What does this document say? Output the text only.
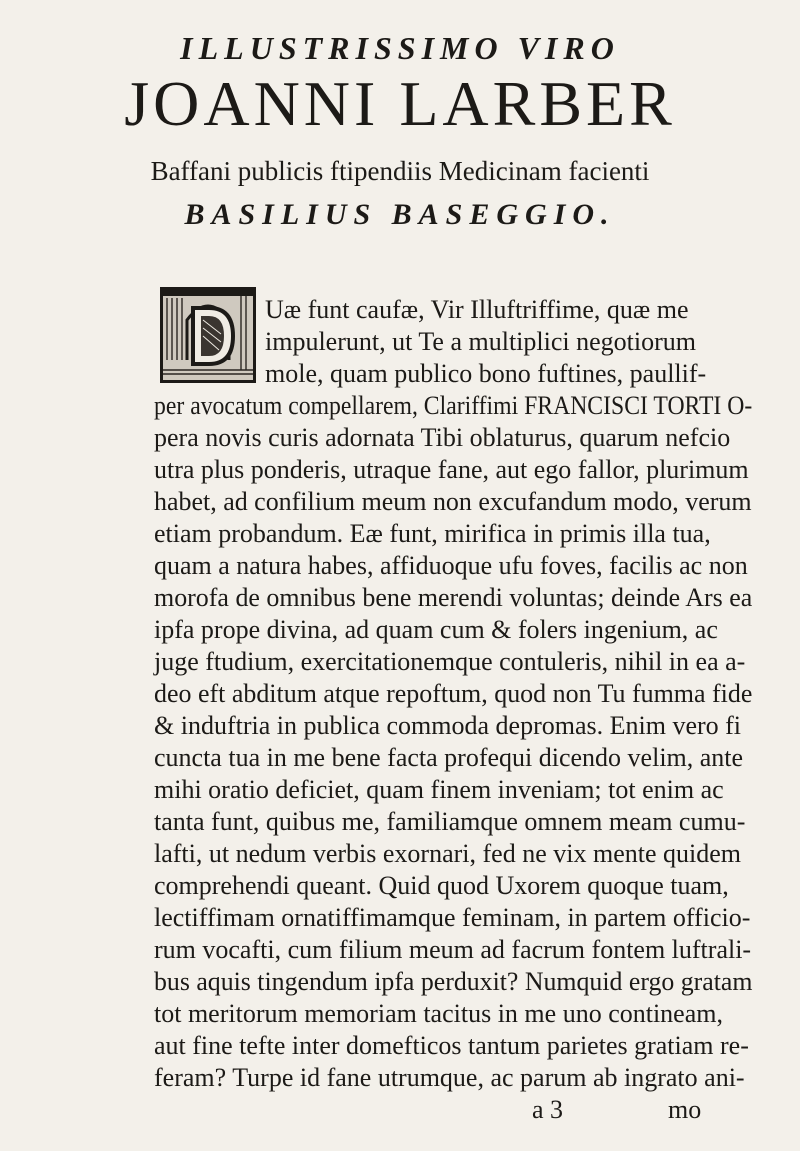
ILLUSTRISSIMO VIRO
JOANNI LARBER
Baffani publicis ftipendiis Medicinam facienti
BASILIUS BASEGGIO.
Uæ funt caufæ, Vir Illuftriffime, quæ me
impulerunt, ut Te a multiplici negotiorum
mole, quam publico bono fuftines, paullif-
per avocatum compellarem, Clariffimi FRANCISCI TORTI O-
pera novis curis adornata Tibi oblaturus, quarum nefcio
utra plus ponderis, utraque fane, aut ego fallor, plurimum
habet, ad confilium meum non excufandum modo, verum
etiam probandum. Eæ funt, mirifica in primis illa tua,
quam a natura habes, affiduoque ufu foves, facilis ac non
morofa de omnibus bene merendi voluntas; deinde Ars ea
ipfa prope divina, ad quam cum & folers ingenium, ac
juge ftudium, exercitationemque contuleris, nihil in ea a-
deo eft abditum atque repoftum, quod non Tu fumma fide
& induftria in publica commoda depromas. Enim vero fi
cuncta tua in me bene facta profequi dicendo velim, ante
mihi oratio deficiet, quam finem inveniam; tot enim ac
tanta funt, quibus me, familiamque omnem meam cumu-
lafti, ut nedum verbis exornari, fed ne vix mente quidem
comprehendi queant. Quid quod Uxorem quoque tuam,
lectiffimam ornatiffimamque feminam, in partem officio-
rum vocafti, cum filium meum ad facrum fontem luftrali-
bus aquis tingendum ipfa perduxit? Numquid ergo gratam
tot meritorum memoriam tacitus in me uno contineam,
aut fine tefte inter domefticos tantum parietes gratiam re-
feram? Turpe id fane utrumque, ac parum ab ingrato ani-
a 3	mo
